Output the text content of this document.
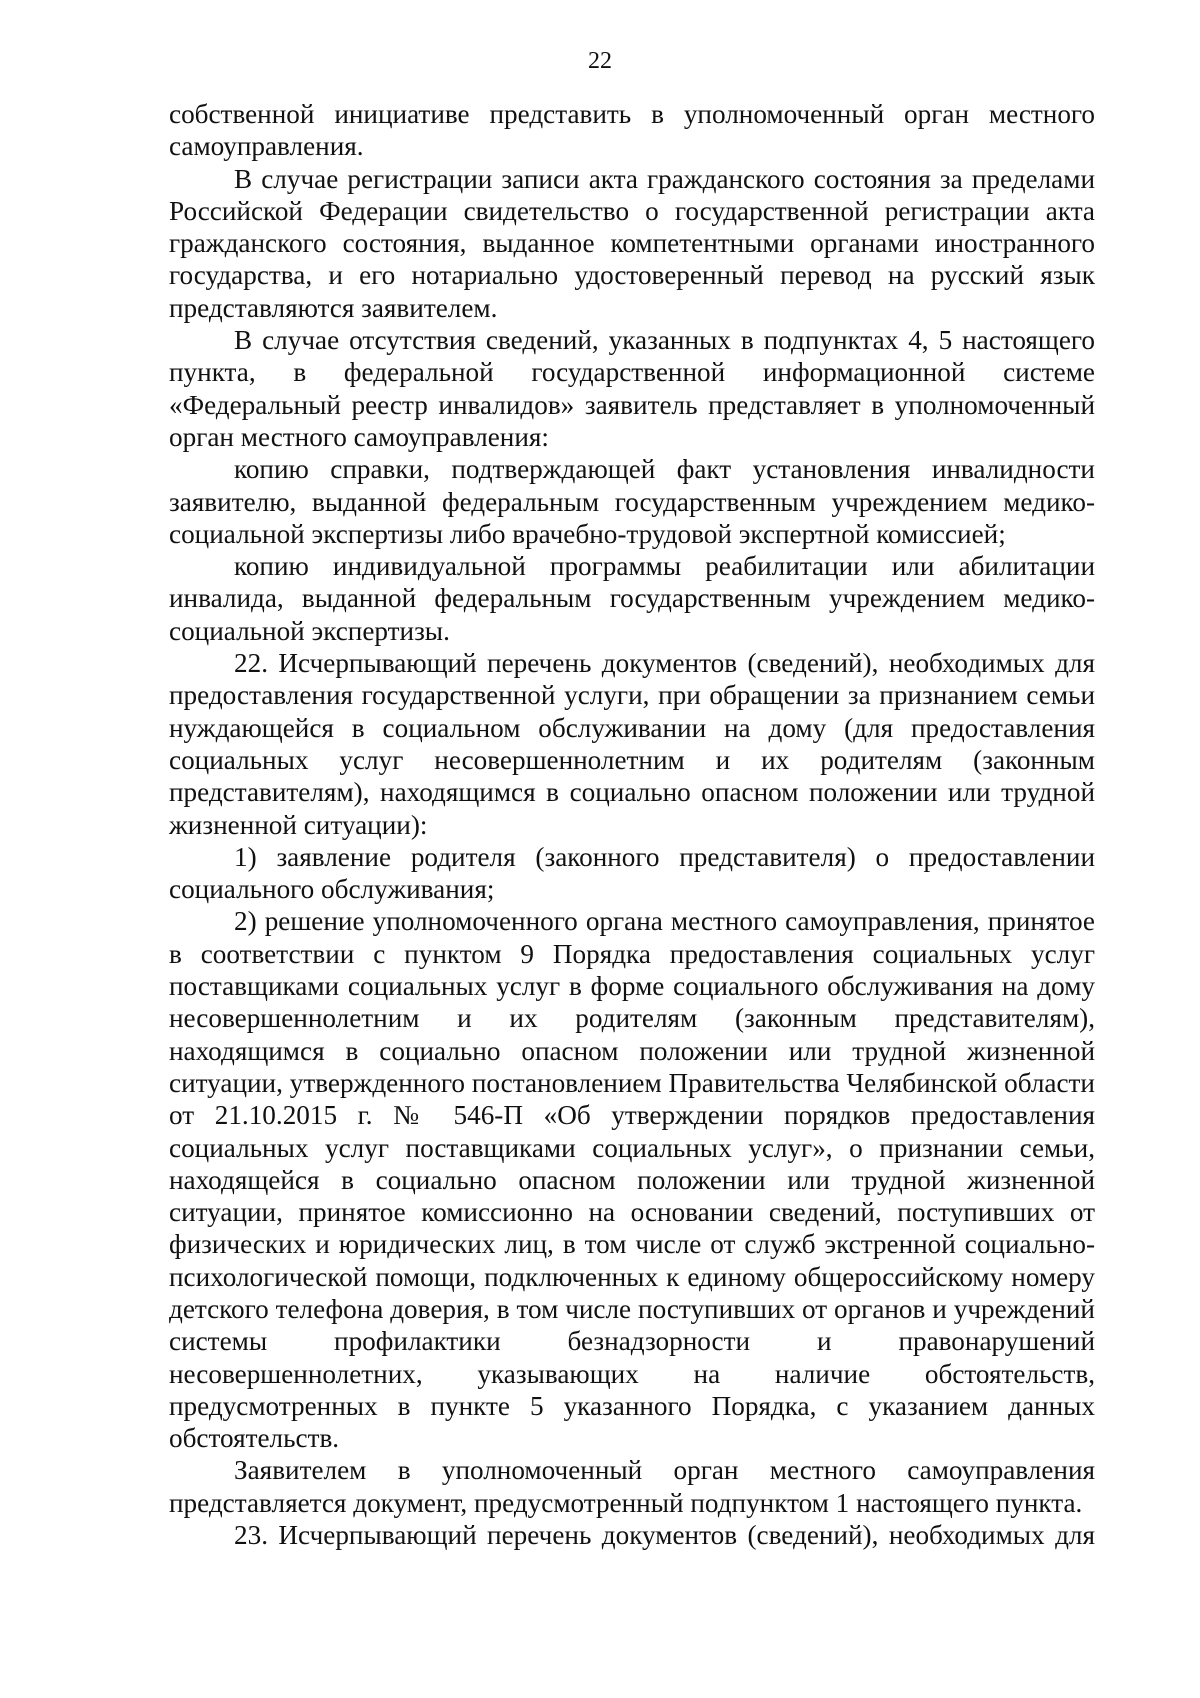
22

собственной инициативе представить в уполномоченный орган местного самоуправления.

В случае регистрации записи акта гражданского состояния за пределами Российской Федерации свидетельство о государственной регистрации акта гражданского состояния, выданное компетентными органами иностранного государства, и его нотариально удостоверенный перевод на русский язык представляются заявителем.

В случае отсутствия сведений, указанных в подпунктах 4, 5 настоящего пункта, в федеральной государственной информационной системе «Федеральный реестр инвалидов» заявитель представляет в уполномоченный орган местного самоуправления:

копию справки, подтверждающей факт установления инвалидности заявителю, выданной федеральным государственным учреждением медико-социальной экспертизы либо врачебно-трудовой экспертной комиссией;

копию индивидуальной программы реабилитации или абилитации инвалида, выданной федеральным государственным учреждением медико-социальной экспертизы.

22. Исчерпывающий перечень документов (сведений), необходимых для предоставления государственной услуги, при обращении за признанием семьи нуждающейся в социальном обслуживании на дому (для предоставления социальных услуг несовершеннолетним и их родителям (законным представителям), находящимся в социально опасном положении или трудной жизненной ситуации):

1) заявление родителя (законного представителя) о предоставлении социального обслуживания;

2) решение уполномоченного органа местного самоуправления, принятое в соответствии с пунктом 9 Порядка предоставления социальных услуг поставщиками социальных услуг в форме социального обслуживания на дому несовершеннолетним и их родителям (законным представителям), находящимся в социально опасном положении или трудной жизненной ситуации, утвержденного постановлением Правительства Челябинской области от 21.10.2015 г. № 546-П «Об утверждении порядков предоставления социальных услуг поставщиками социальных услуг», о признании семьи, находящейся в социально опасном положении или трудной жизненной ситуации, принятое комиссионно на основании сведений, поступивших от физических и юридических лиц, в том числе от служб экстренной социально-психологической помощи, подключенных к единому общероссийскому номеру детского телефона доверия, в том числе поступивших от органов и учреждений системы профилактики безнадзорности и правонарушений несовершеннолетних, указывающих на наличие обстоятельств, предусмотренных в пункте 5 указанного Порядка, с указанием данных обстоятельств.

Заявителем в уполномоченный орган местного самоуправления представляется документ, предусмотренный подпунктом 1 настоящего пункта.

23. Исчерпывающий перечень документов (сведений), необходимых для
